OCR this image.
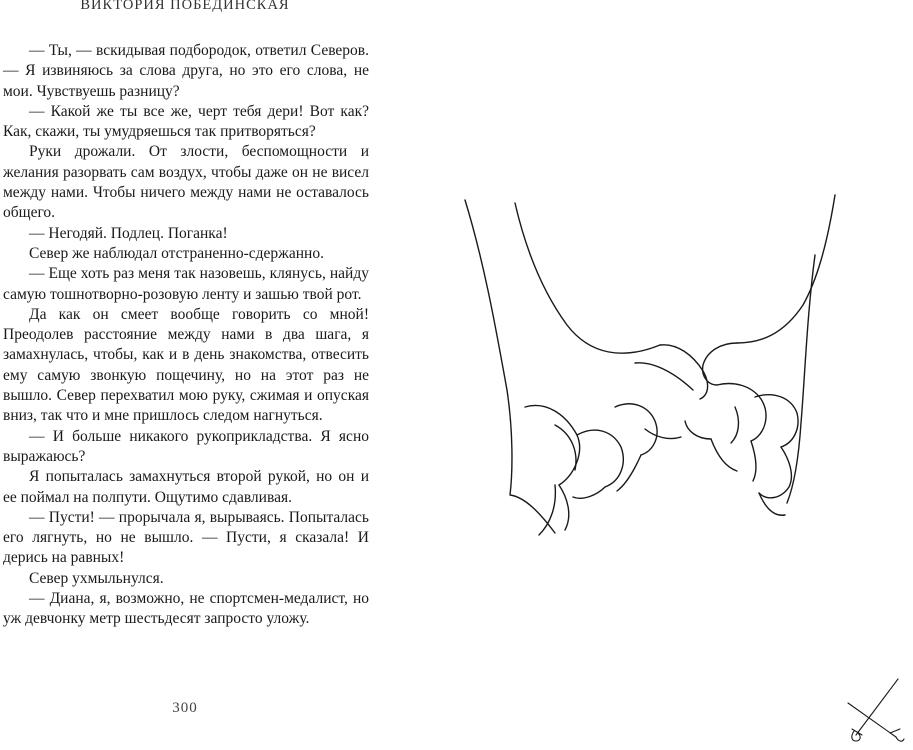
ВИКТОРИЯ ПОБЕДИНСКАЯ

— Ты, — вскидывая подбородок, ответил Северов. — Я извиняюсь за слова друга, но это его слова, не мои. Чувствуешь разницу?

— Какой же ты все же, черт тебя дери! Вот как? Как, скажи, ты умудряешься так притворяться?

Руки дрожали. От злости, беспомощности и желания разорвать сам воздух, чтобы даже он не висел между нами. Чтобы ничего между нами не оставалось общего.

— Негодяй. Подлец. Поганка!

Север же наблюдал отстраненно-сдержанно.

— Еще хоть раз меня так назовешь, клянусь, найду самую тошнотворно-розовую ленту и зашью твой рот.

Да как он смеет вообще говорить со мной! Преодолев расстояние между нами в два шага, я замахнулась, чтобы, как и в день знакомства, отвесить ему самую звонкую пощечину, но на этот раз не вышло. Север перехватил мою руку, сжимая и опуская вниз, так что и мне пришлось следом нагнуться.

— И больше никакого рукоприкладства. Я ясно выражаюсь?

Я попыталась замахнуться второй рукой, но он и ее поймал на полпути. Ощутимо сдавливая.

— Пусти! — прорычала я, вырываясь. Попыталась его лягнуть, но не вышло. — Пусти, я сказала! И дерись на равных!

Север ухмыльнулся.

— Диана, я, возможно, не спортсмен-медалист, но уж девчонку метр шестьдесят запросто уложу.

300
